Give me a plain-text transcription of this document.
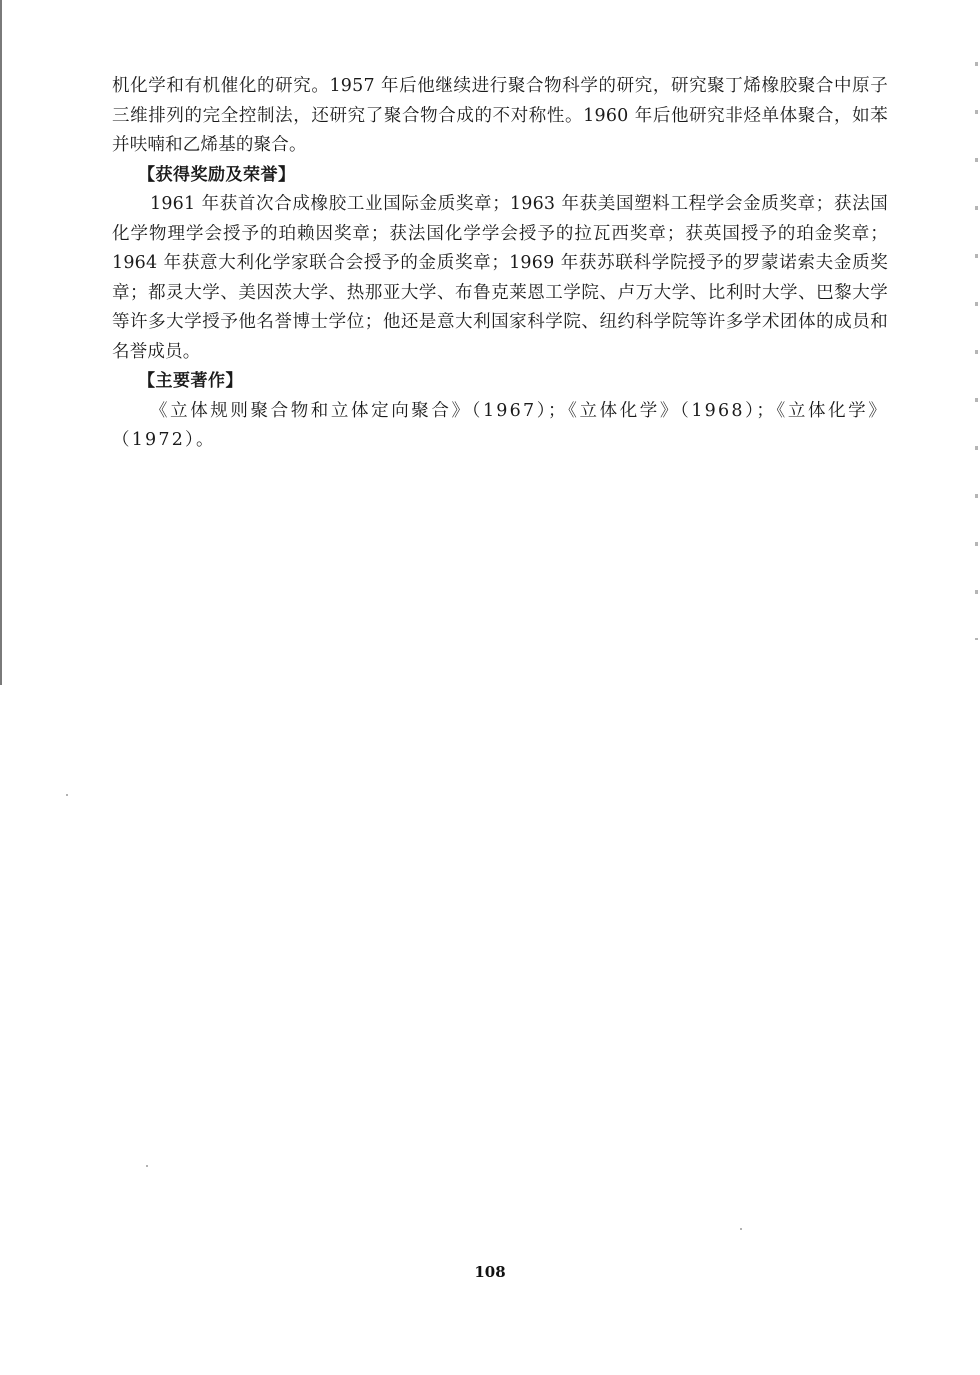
机化学和有机催化的研究。1957 年后他继续进行聚合物科学的研究，研究聚丁烯橡胶聚合中原子三维排列的完全控制法，还研究了聚合物合成的不对称性。1960 年后他研究非烃单体聚合，如苯并呋喃和乙烯基的聚合。

【获得奖励及荣誉】

1961 年获首次合成橡胶工业国际金质奖章；1963 年获美国塑料工程学会金质奖章；获法国化学物理学会授予的珀赖因奖章；获法国化学学会授予的拉瓦西奖章；获英国授予的珀金奖章；1964 年获意大利化学家联合会授予的金质奖章；1969 年获苏联科学院授予的罗蒙诺索夫金质奖章；都灵大学、美因茨大学、热那亚大学、布鲁克莱恩工学院、卢万大学、比利时大学、巴黎大学等许多大学授予他名誉博士学位；他还是意大利国家科学院、纽约科学院等许多学术团体的成员和名誉成员。

【主要著作】

《立体规则聚合物和立体定向聚合》（1967）；《立体化学》（1968）；《立体化学》（1972）。

108
